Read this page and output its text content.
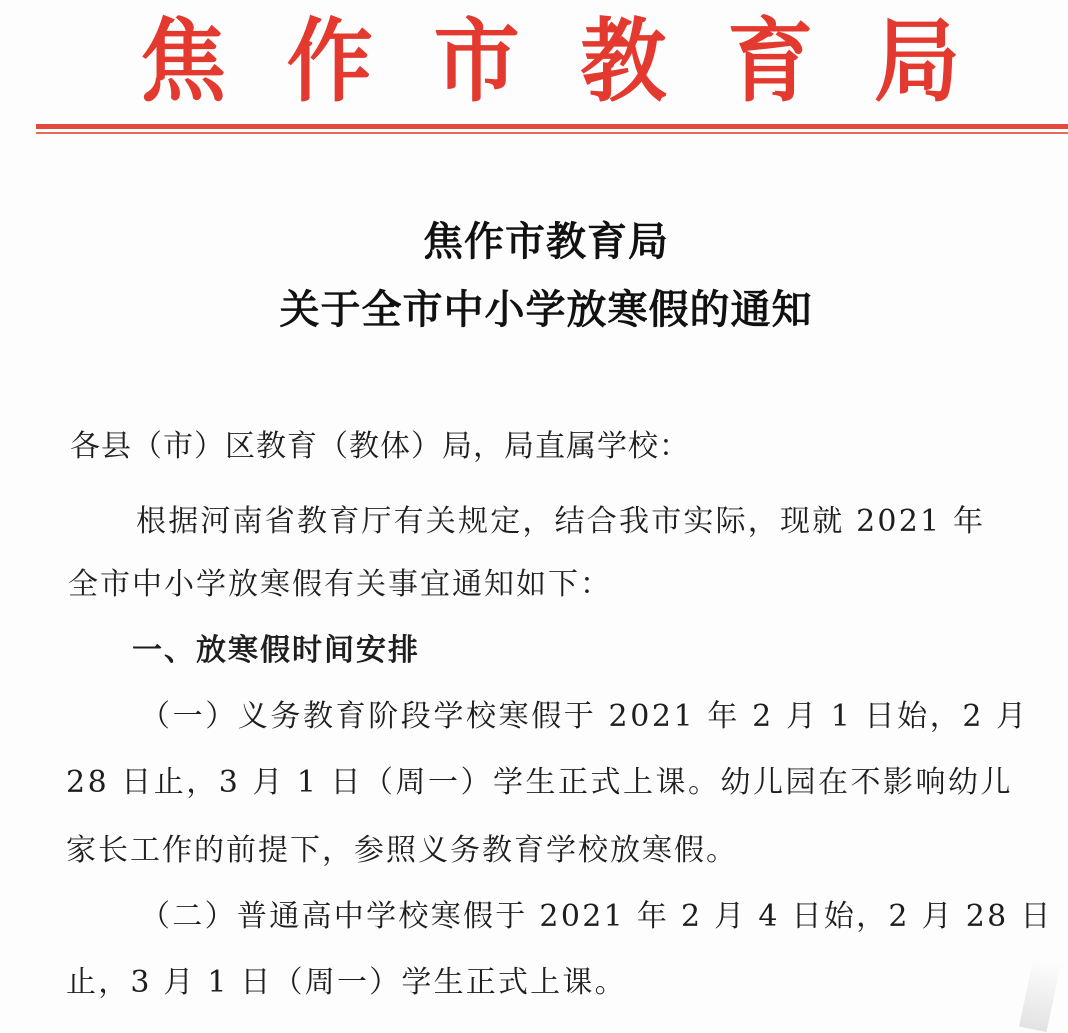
焦 作 市 教 育 局
焦作市教育局
关于全市中小学放寒假的通知
各县（市）区教育（教体）局，局直属学校：
根据河南省教育厅有关规定，结合我市实际，现就 2021 年
全市中小学放寒假有关事宜通知如下：
一、放寒假时间安排
（一）义务教育阶段学校寒假于 2021 年 2 月 1 日始，2 月
28 日止，3 月 1 日（周一）学生正式上课。幼儿园在不影响幼儿
家长工作的前提下，参照义务教育学校放寒假。
（二）普通高中学校寒假于 2021 年 2 月 4 日始，2 月 28 日
止，3 月 1 日（周一）学生正式上课。
